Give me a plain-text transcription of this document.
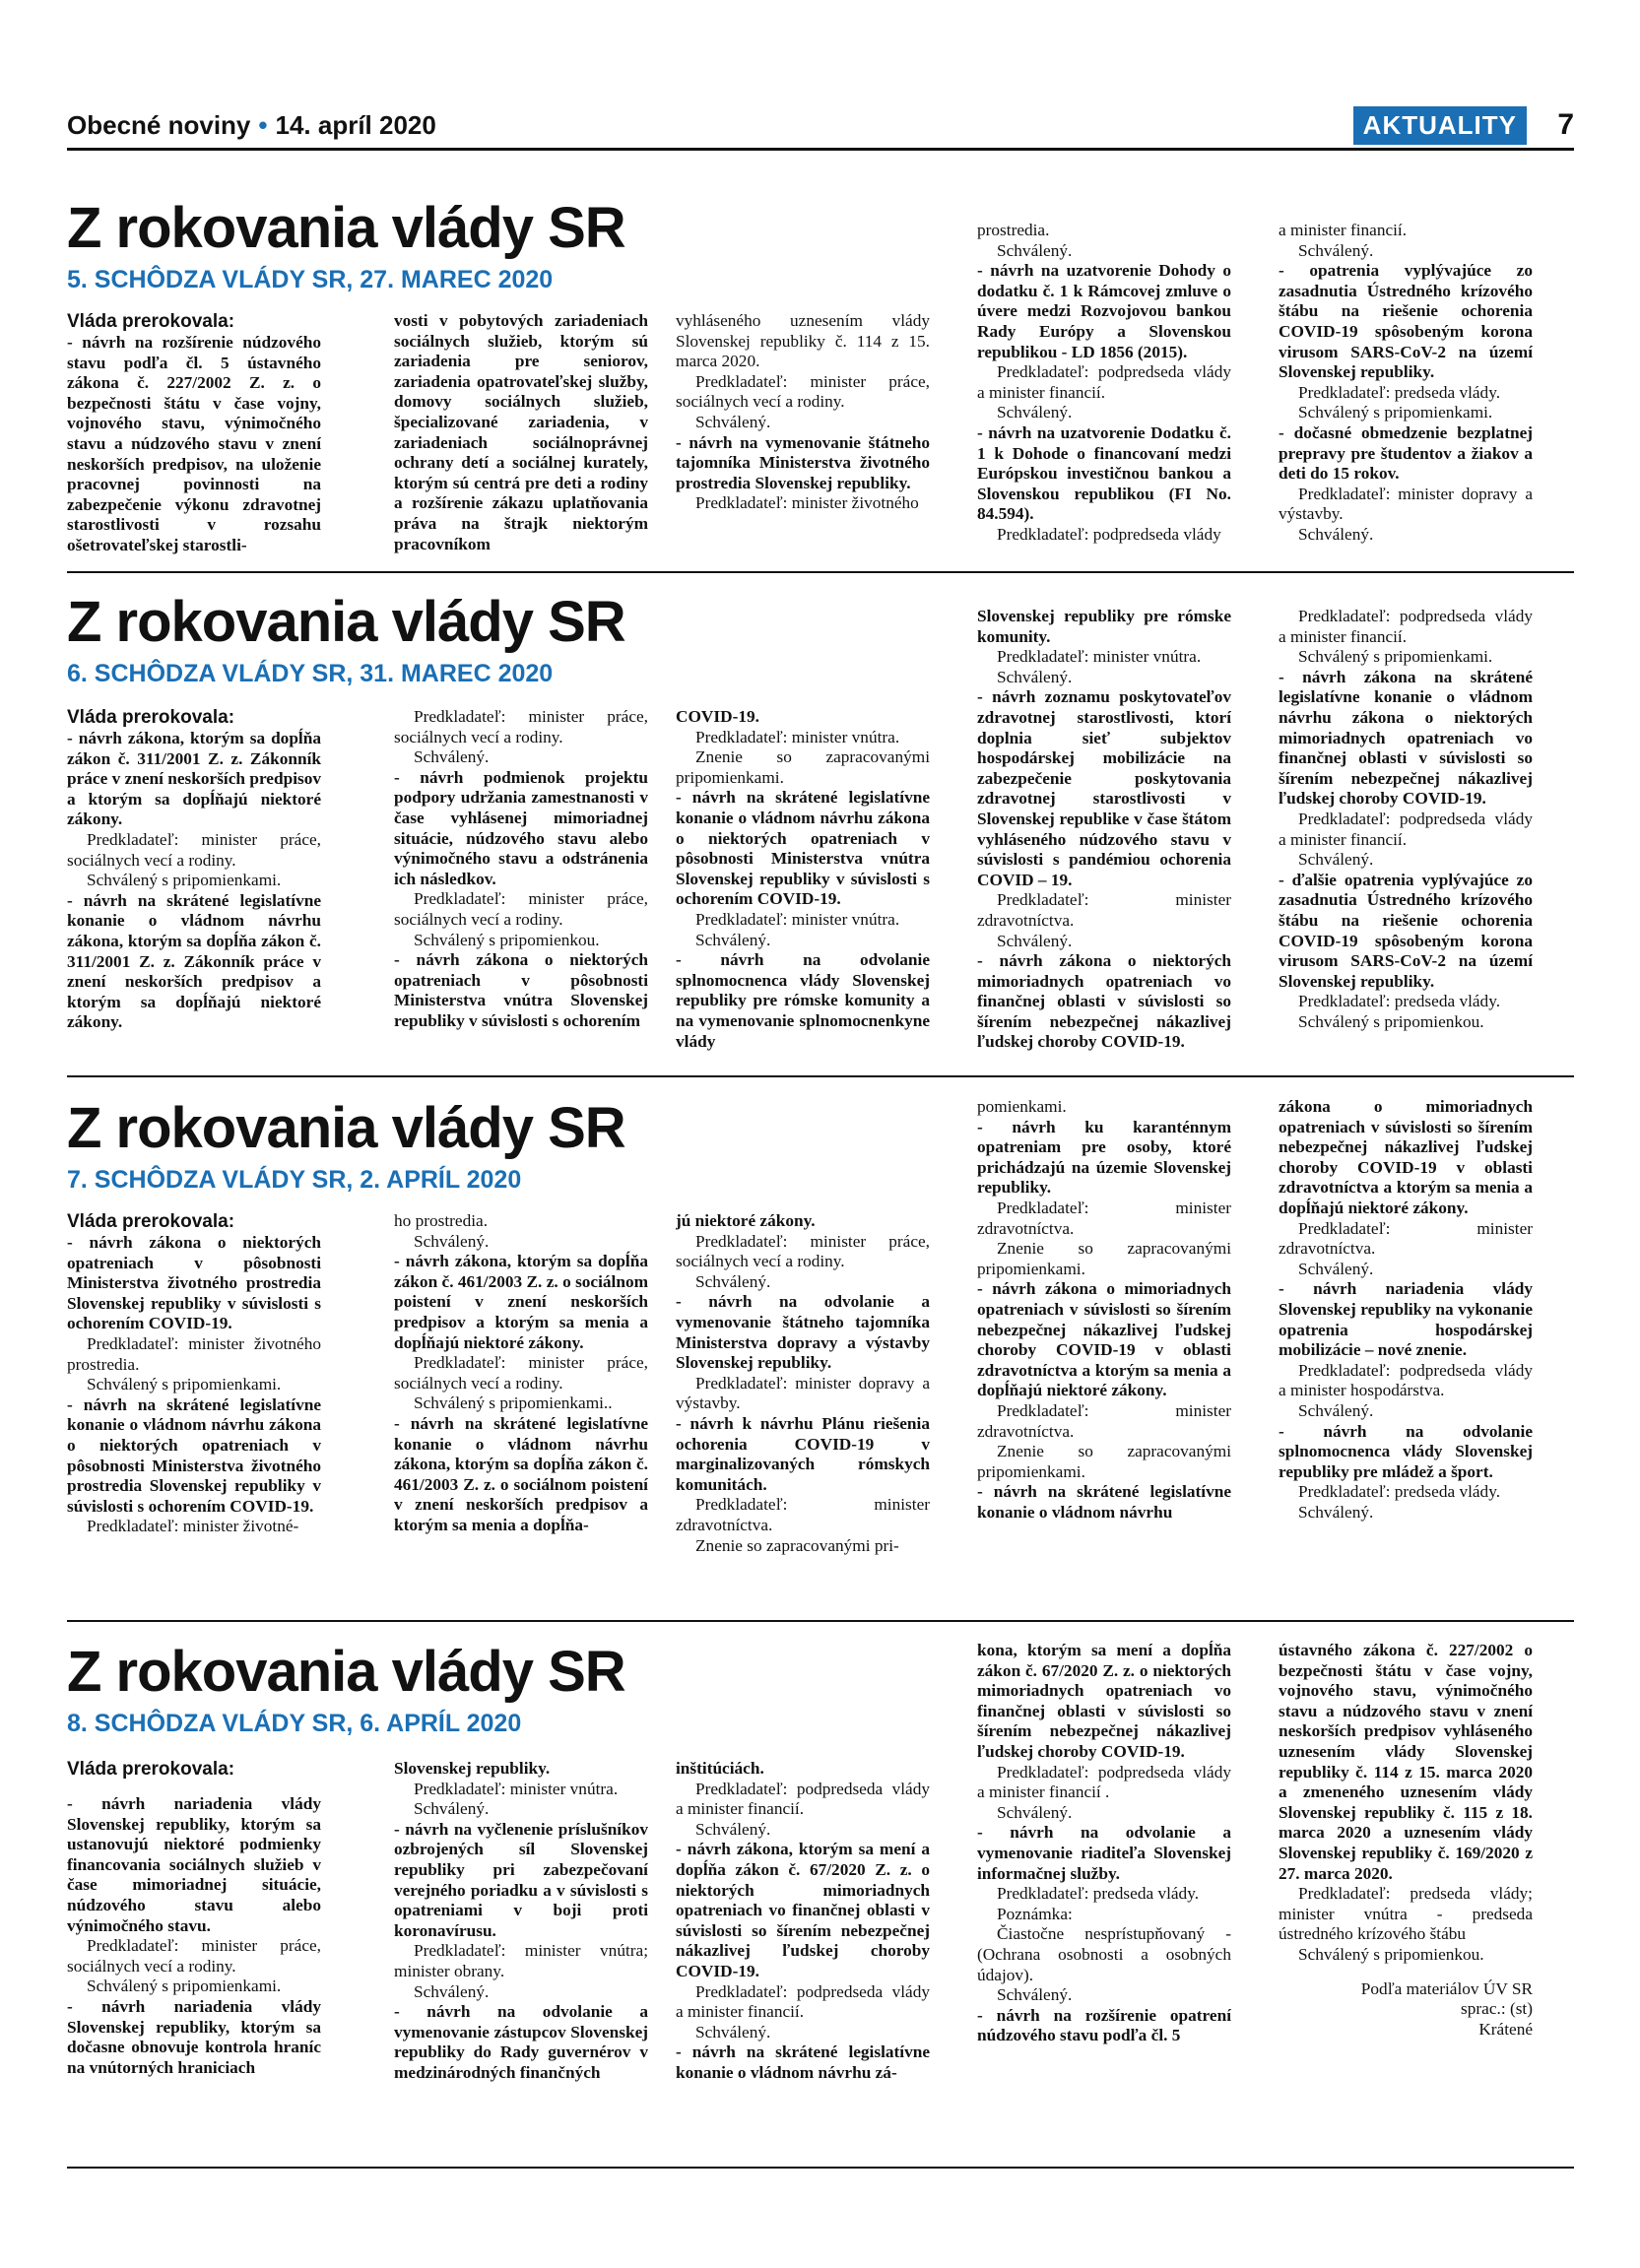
Obecné noviny • 14. apríl 2020	AKTUALITY	7
Z rokovania vlády SR
5. SCHÔDZA VLÁDY SR, 27. MAREC 2020

Vláda prerokovala:

- návrh na rozšírenie núdzového stavu podľa čl. 5 ústavného zákona č. 227/2002 Z. z. o bezpečnosti štátu v čase vojny, vojnového stavu, výnimočného stavu a núdzového stavu v znení neskorších predpisov, na uloženie pracovnej povinnosti na zabezpečenie výkonu zdravotnej starostlivosti v rozsahu ošetrovateľskej starostli-

vosti v pobytových zariadeniach sociálnych služieb, ktorým sú zariadenia pre seniorov, zariadenia opatrovateľskej služby, domovy sociálnych služieb, špecializované zariadenia, v zariadeniach sociálnoprávnej ochrany detí a sociálnej kurately, ktorým sú centrá pre deti a rodiny a rozšírenie zákazu uplatňovania práva na štrajk niektorým pracovníkom

vyhláseného uznesením vlády Slovenskej republiky č. 114 z 15. marca 2020.

Predkladateľ: minister práce, sociálnych vecí a rodiny.

Schválený.

- návrh na vymenovanie štátneho tajomníka Ministerstva životného prostredia Slovenskej republiky.

Predkladateľ: minister životného

prostredia.

Schválený.

- návrh na uzatvorenie Dohody o dodatku č. 1 k Rámcovej zmluve o úvere medzi Rozvojovou bankou Rady Európy a Slovenskou republikou - LD 1856 (2015).

Predkladateľ: podpredseda vlády a minister financií.

Schválený.

- návrh na uzatvorenie Dodatku č. 1 k Dohode o financovaní medzi Európskou investičnou bankou a Slovenskou republikou (FI No. 84.594).

Predkladateľ: podpredseda vlády

a minister financií.

Schválený.

- opatrenia vyplývajúce zo zasadnutia Ústredného krízového štábu na riešenie ochorenia COVID-19 spôsobeným korona virusom SARS-CoV-2 na území Slovenskej republiky.

Predkladateľ: predseda vlády.

Schválený s pripomienkami.

- dočasné obmedzenie bezplatnej prepravy pre študentov a žiakov a deti do 15 rokov.

Predkladateľ: minister dopravy a výstavby.

Schválený.

Z rokovania vlády SR
6. SCHÔDZA VLÁDY SR, 31. MAREC 2020

Vláda prerokovala:

- návrh zákona, ktorým sa dopĺňa zákon č. 311/2001 Z. z. Zákonník práce v znení neskorších predpisov a ktorým sa dopĺňajú niektoré zákony.

Predkladateľ: minister práce, sociálnych vecí a rodiny.

Schválený s pripomienkami.

- návrh na skrátené legislatívne konanie o vládnom návrhu zákona, ktorým sa dopĺňa zákon č. 311/2001 Z. z. Zákonník práce v znení neskorších predpisov a ktorým sa dopĺňajú niektoré zákony.

Predkladateľ: minister práce, sociálnych vecí a rodiny.

Schválený.

- návrh podmienok projektu podpory udržania zamestnanosti v čase vyhlásenej mimoriadnej situácie, núdzového stavu alebo výnimočného stavu a odstránenia ich následkov.

Predkladateľ: minister práce, sociálnych vecí a rodiny.

Schválený s pripomienkou.

- návrh zákona o niektorých opatreniach v pôsobnosti Ministerstva vnútra Slovenskej republiky v súvislosti s ochorením

COVID-19.

Predkladateľ: minister vnútra.

Znenie so zapracovanými pripomienkami.

- návrh na skrátené legislatívne konanie o vládnom návrhu zákona o niektorých opatreniach v pôsobnosti Ministerstva vnútra Slovenskej republiky v súvislosti s ochorením COVID-19.

Predkladateľ: minister vnútra.

Schválený.

- návrh na odvolanie splnomocnenca vlády Slovenskej republiky pre rómske komunity a na vymenovanie splnomocnenkyne vlády

Slovenskej republiky pre rómske komunity.

Predkladateľ: minister vnútra.

Schválený.

- návrh zoznamu poskytovateľov zdravotnej starostlivosti, ktorí doplnia sieť subjektov hospodárskej mobilizácie na zabezpečenie poskytovania zdravotnej starostlivosti v Slovenskej republike v čase štátom vyhláseného núdzového stavu v súvislosti s pandémiou ochorenia COVID – 19.

Predkladateľ: minister zdravotníctva.

Schválený.

- návrh zákona o niektorých mimoriadnych opatreniach vo finančnej oblasti v súvislosti so šírením nebezpečnej nákazlivej ľudskej choroby COVID-19.

Predkladateľ: podpredseda vlády a minister financií.

Schválený s pripomienkami.

- návrh zákona na skrátené legislatívne konanie o vládnom návrhu zákona o niektorých mimoriadnych opatreniach vo finančnej oblasti v súvislosti so šírením nebezpečnej nákazlivej ľudskej choroby COVID-19.

Predkladateľ: podpredseda vlády a minister financií.

Schválený.

- ďalšie opatrenia vyplývajúce zo zasadnutia Ústredného krízového štábu na riešenie ochorenia COVID-19 spôsobeným korona virusom SARS-CoV-2 na území Slovenskej republiky.

Predkladateľ: predseda vlády.

Schválený s pripomienkou.

Z rokovania vlády SR
7. SCHÔDZA VLÁDY SR, 2. APRÍL 2020

Vláda prerokovala:

- návrh zákona o niektorých opatreniach v pôsobnosti Ministerstva životného prostredia Slovenskej republiky v súvislosti s ochorením COVID-19.

Predkladateľ: minister životného prostredia.

Schválený s pripomienkami.

- návrh na skrátené legislatívne konanie o vládnom návrhu zákona o niektorých opatreniach v pôsobnosti Ministerstva životného prostredia Slovenskej republiky v súvislosti s ochorením COVID-19.

Predkladateľ: minister životné-

ho prostredia.

Schválený.

- návrh zákona, ktorým sa dopĺňa zákon č. 461/2003 Z. z. o sociálnom poistení v znení neskorších predpisov a ktorým sa menia a dopĺňajú niektoré zákony.

Predkladateľ: minister práce, sociálnych vecí a rodiny.

Schválený s pripomienkami..

- návrh na skrátené legislatívne konanie o vládnom návrhu zákona, ktorým sa dopĺňa zákon č. 461/2003 Z. z. o sociálnom poistení v znení neskorších predpisov a ktorým sa menia a dopĺňa-

jú niektoré zákony.

Predkladateľ: minister práce, sociálnych vecí a rodiny.

Schválený.

- návrh na odvolanie a vymenovanie štátneho tajomníka Ministerstva dopravy a výstavby Slovenskej republiky.

Predkladateľ: minister dopravy a výstavby.

- návrh k návrhu Plánu riešenia ochorenia COVID-19 v marginalizovaných rómskych komunitách.

Predkladateľ: minister zdravotníctva.

Znenie so zapracovanými pri-

pomienkami.

- návrh ku karanténnym opatreniam pre osoby, ktoré prichádzajú na územie Slovenskej republiky.

Predkladateľ: minister zdravotníctva.

Znenie so zapracovanými pripomienkami.

- návrh zákona o mimoriadnych opatreniach v súvislosti so šírením nebezpečnej nákazlivej ľudskej choroby COVID-19 v oblasti zdravotníctva a ktorým sa menia a dopĺňajú niektoré zákony.

Predkladateľ: minister zdravotníctva.

Znenie so zapracovanými pripomienkami.

- návrh na skrátené legislatívne konanie o vládnom návrhu

zákona o mimoriadnych opatreniach v súvislosti so šírením nebezpečnej nákazlivej ľudskej choroby COVID-19 v oblasti zdravotníctva a ktorým sa menia a dopĺňajú niektoré zákony.

Predkladateľ: minister zdravotníctva.

Schválený.

- návrh nariadenia vlády Slovenskej republiky na vykonanie opatrenia hospodárskej mobilizácie – nové znenie.

Predkladateľ: podpredseda vlády a minister hospodárstva.

Schválený.

- návrh na odvolanie splnomocnenca vlády Slovenskej republiky pre mládež a šport.

Predkladateľ: predseda vlády.

Schválený.

Z rokovania vlády SR
8. SCHÔDZA VLÁDY SR, 6. APRÍL 2020

Vláda prerokovala:

- návrh nariadenia vlády Slovenskej republiky, ktorým sa ustanovujú niektoré podmienky financovania sociálnych služieb v čase mimoriadnej situácie, núdzového stavu alebo výnimočného stavu.

Predkladateľ: minister práce, sociálnych vecí a rodiny.

Schválený s pripomienkami.

- návrh nariadenia vlády Slovenskej republiky, ktorým sa dočasne obnovuje kontrola hraníc na vnútorných hraniciach

Slovenskej republiky.

Predkladateľ: minister vnútra.

Schválený.

- návrh na vyčlenenie príslušníkov ozbrojených síl Slovenskej republiky pri zabezpečovaní verejného poriadku a v súvislosti s opatreniami v boji proti koronavírusu.

Predkladateľ: minister vnútra; minister obrany.

Schválený.

- návrh na odvolanie a vymenovanie zástupcov Slovenskej republiky do Rady guvernérov v medzinárodných finančných

inštitúciách.

Predkladateľ: podpredseda vlády a minister financií.

Schválený.

- návrh zákona, ktorým sa mení a dopĺňa zákon č. 67/2020 Z. z. o niektorých mimoriadnych opatreniach vo finančnej oblasti v súvislosti so šírením nebezpečnej nákazlivej ľudskej choroby COVID-19.

Predkladateľ: podpredseda vlády a minister financií.

Schválený.

- návrh na skrátené legislatívne konanie o vládnom návrhu zá-

kona, ktorým sa mení a dopĺňa zákon č. 67/2020 Z. z. o niektorých mimoriadnych opatreniach vo finančnej oblasti v súvislosti so šírením nebezpečnej nákazlivej ľudskej choroby COVID-19.

Predkladateľ: podpredseda vlády a minister financií .

Schválený.

- návrh na odvolanie a vymenovanie riaditeľa Slovenskej informačnej služby.

Predkladateľ: predseda vlády.

Poznámka:

Čiastočne nesprístupňovaný - (Ochrana osobnosti a osobných údajov).

Schválený.

- návrh na rozšírenie opatrení núdzového stavu podľa čl. 5

ústavného zákona č. 227/2002 o bezpečnosti štátu v čase vojny, vojnového stavu, výnimočného stavu a núdzového stavu v znení neskorších predpisov vyhláseného uznesením vlády Slovenskej republiky č. 114 z 15. marca 2020 a zmeneného uznesením vlády Slovenskej republiky č. 115 z 18. marca 2020 a uznesením vlády Slovenskej republiky č. 169/2020 z 27. marca 2020.

Predkladateľ: predseda vlády; minister vnútra - predseda ústredného krízového štábu

Schválený s pripomienkou.

Podľa materiálov ÚV SR

sprac.: (st)

Krátené
